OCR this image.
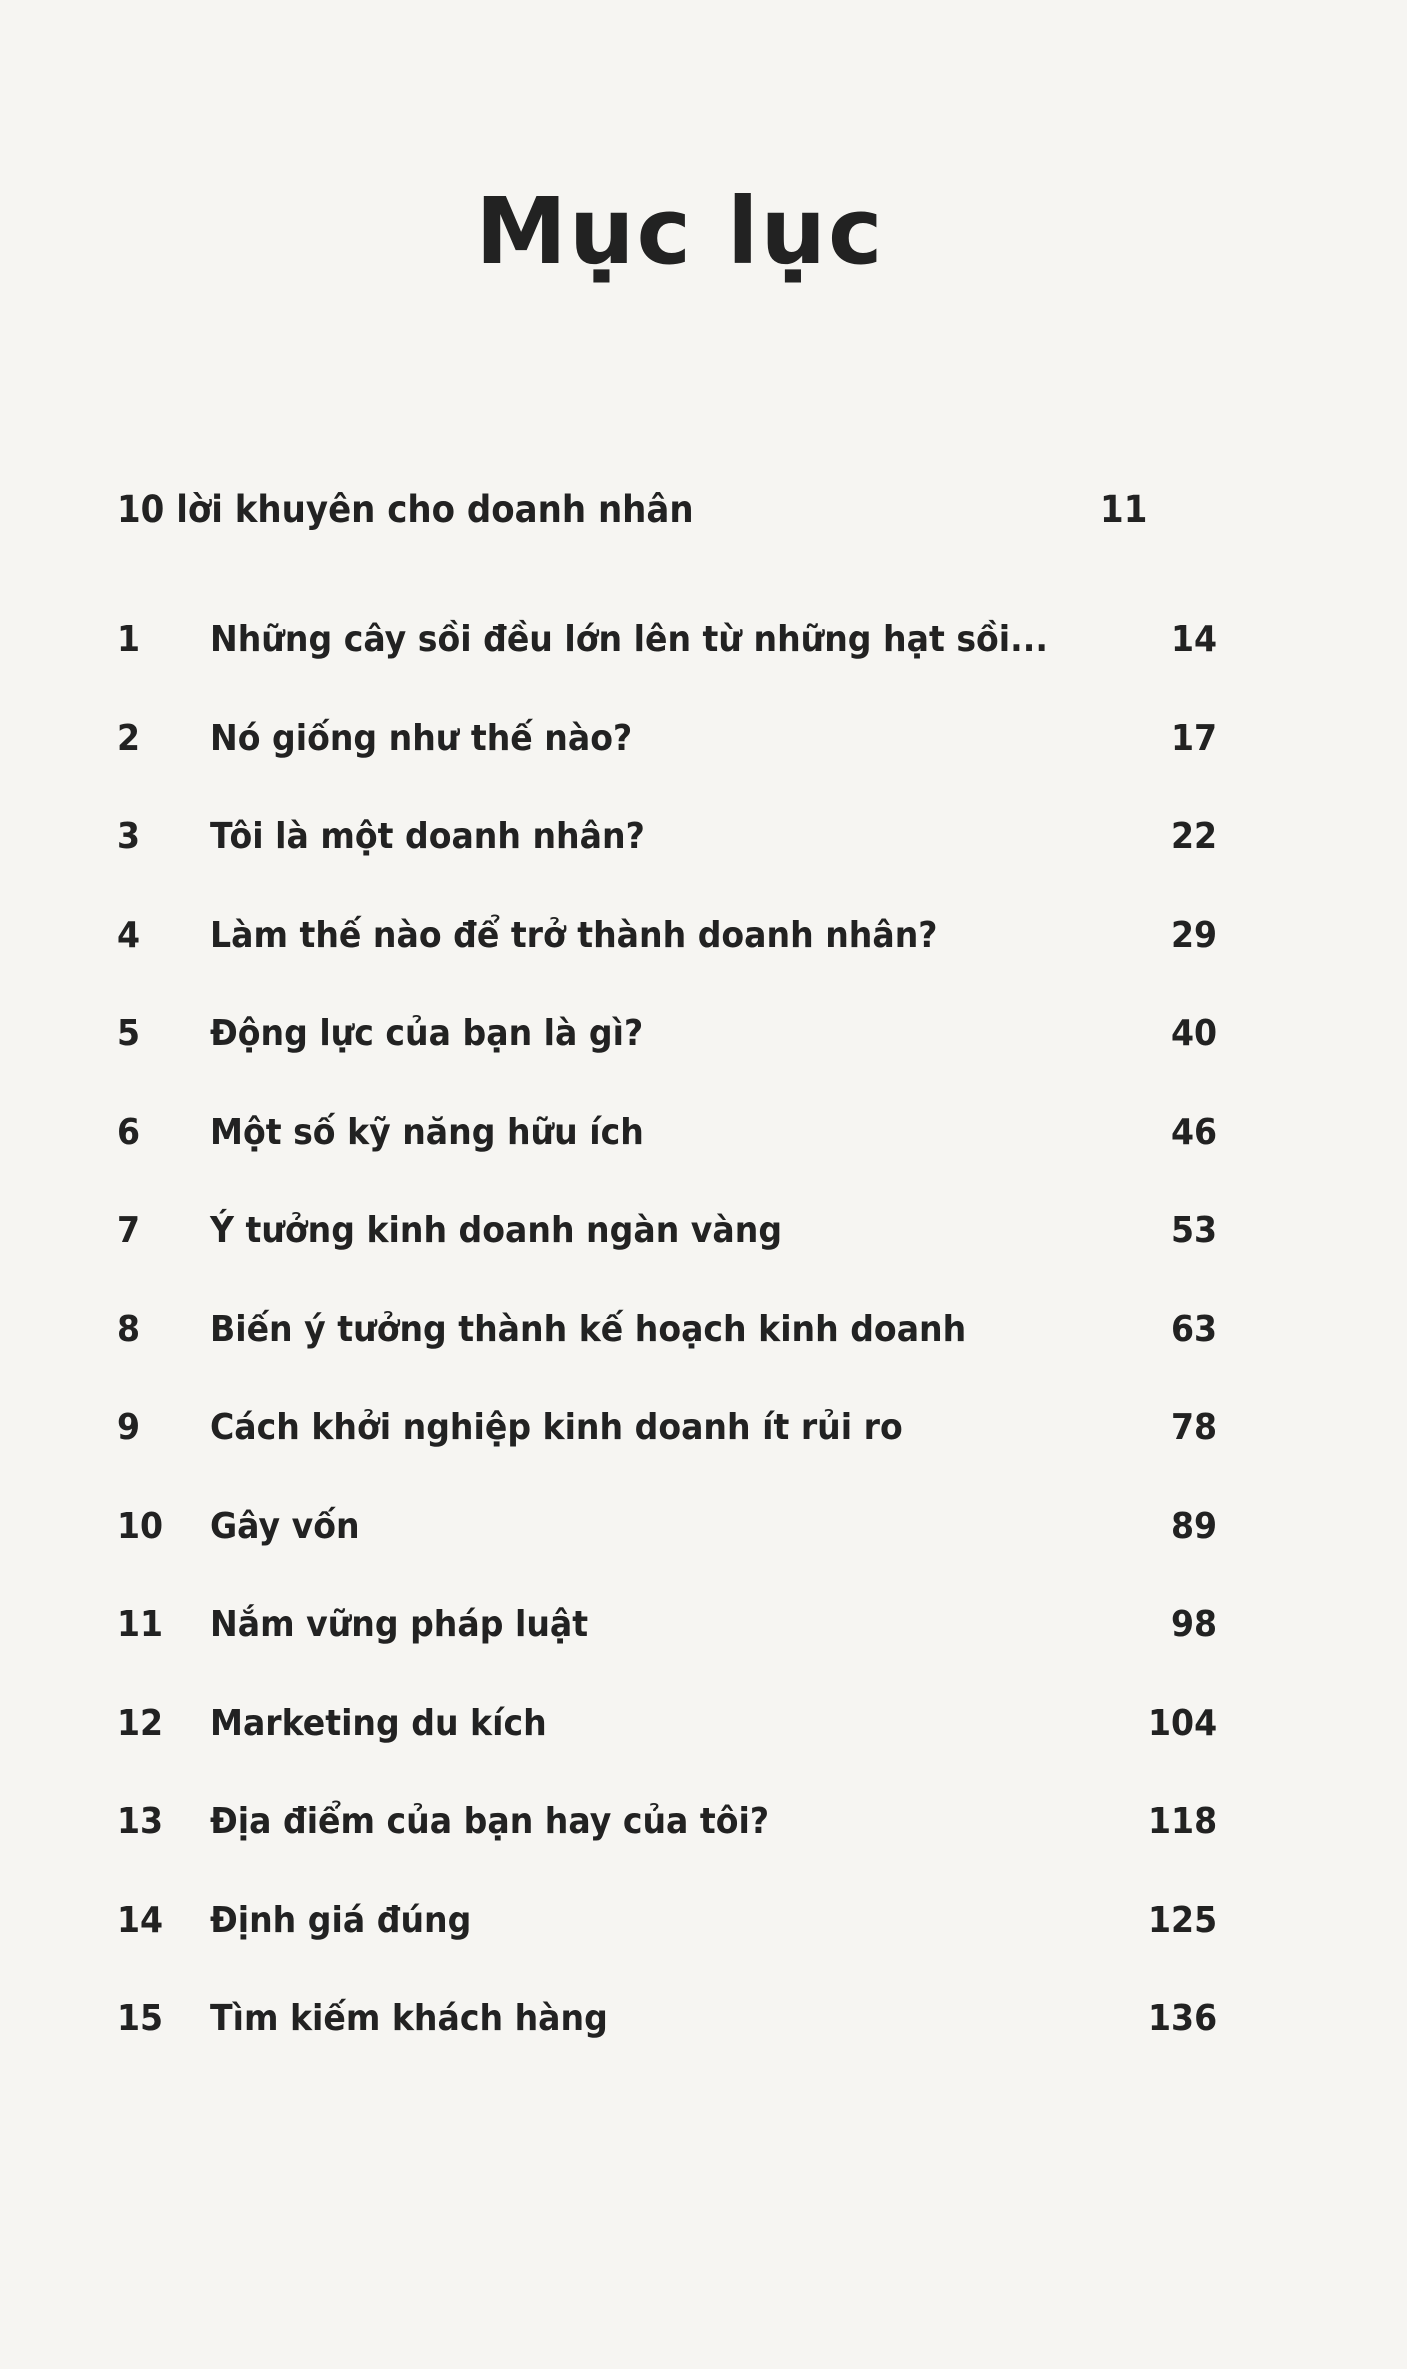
Mục lục
10 lời khuyên cho doanh nhân	11
1 Những cây sồi đều lớn lên từ những hạt sồi...	14
2 Nó giống như thế nào?	17
3 Tôi là một doanh nhân?	22
4 Làm thế nào để trở thành doanh nhân?	29
5 Động lực của bạn là gì?	40
6 Một số kỹ năng hữu ích	46
7 Ý tưởng kinh doanh ngàn vàng	53
8 Biến ý tưởng thành kế hoạch kinh doanh	63
9 Cách khởi nghiệp kinh doanh ít rủi ro	78
10 Gây vốn	89
11 Nắm vững pháp luật	98
12 Marketing du kích	104
13 Địa điểm của bạn hay của tôi?	118
14 Định giá đúng	125
15 Tìm kiếm khách hàng	136
